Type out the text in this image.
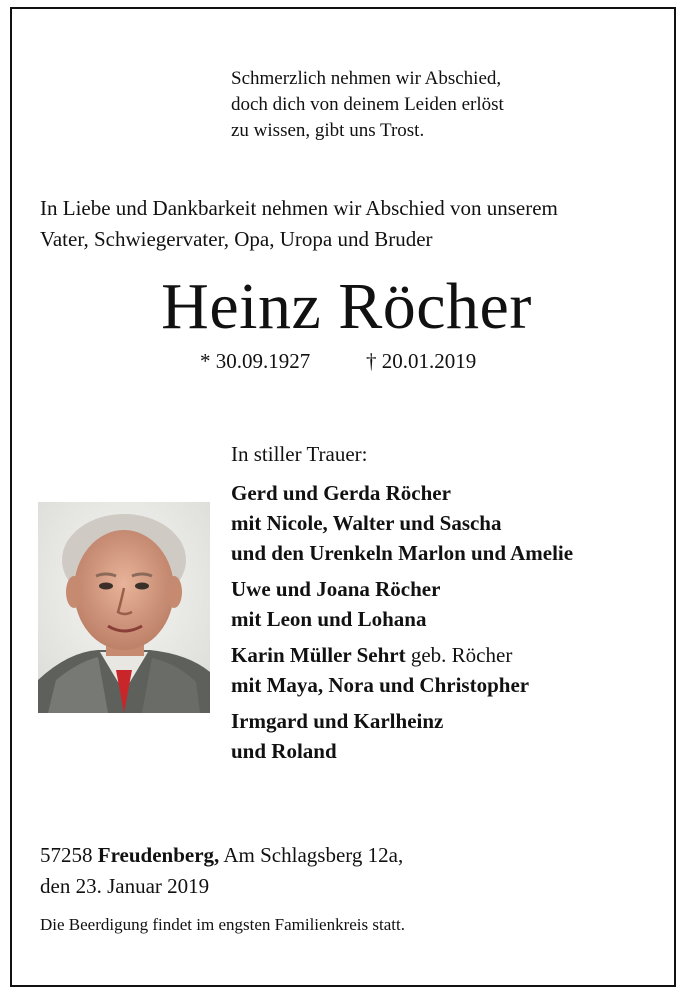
Schmerzlich nehmen wir Abschied,
doch dich von deinem Leiden erlöst
zu wissen, gibt uns Trost.
In Liebe und Dankbarkeit nehmen wir Abschied von unserem
Vater, Schwiegervater, Opa, Uropa und Bruder
Heinz Röcher
* 30.09.1927	† 20.01.2019
In stiller Trauer:
Gerd und Gerda Röcher
mit Nicole, Walter und Sascha
und den Urenkeln Marlon und Amelie
Uwe und Joana Röcher
mit Leon und Lohana
Karin Müller Sehrt geb. Röcher
mit Maya, Nora und Christopher
Irmgard und Karlheinz
und Roland
57258 Freudenberg, Am Schlagsberg 12a,
den 23. Januar 2019
Die Beerdigung findet im engsten Familienkreis statt.
